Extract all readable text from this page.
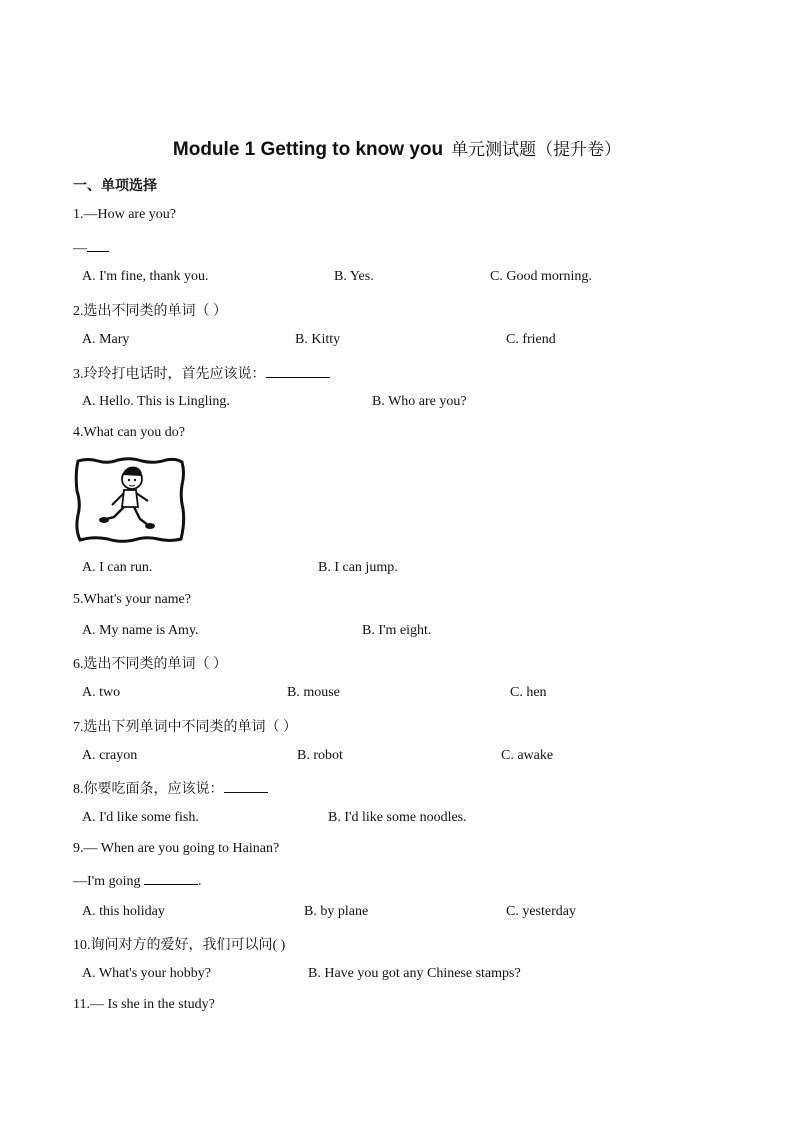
Module 1 Getting to know you 单元测试题（提升卷）
一、单项选择
1.—How are you?
—
A. I'm fine, thank you.	B. Yes.	C. Good morning.
2.选出不同类的单词（ ）
A. Mary	B. Kitty	C. friend
3.玲玲打电话时，首先应该说：
A. Hello. This is Lingling.	B. Who are you?
4.What can you do?
A. I can run.	B. I can jump.
5.What's your name?
A. My name is Amy.	B. I'm eight.
6.选出不同类的单词（ ）
A. two	B. mouse	C. hen
7.选出下列单词中不同类的单词（ ）
A. crayon	B. robot	C. awake
8.你要吃面条，应该说：
A. I'd like some fish.	B. I'd like some noodles.
9.— When are you going to Hainan?
—I'm going	.
A. this holiday	B. by plane	C. yesterday
10.询问对方的爱好，我们可以问( )
A. What's your hobby?	B. Have you got any Chinese stamps?
11.— Is she in the study?
